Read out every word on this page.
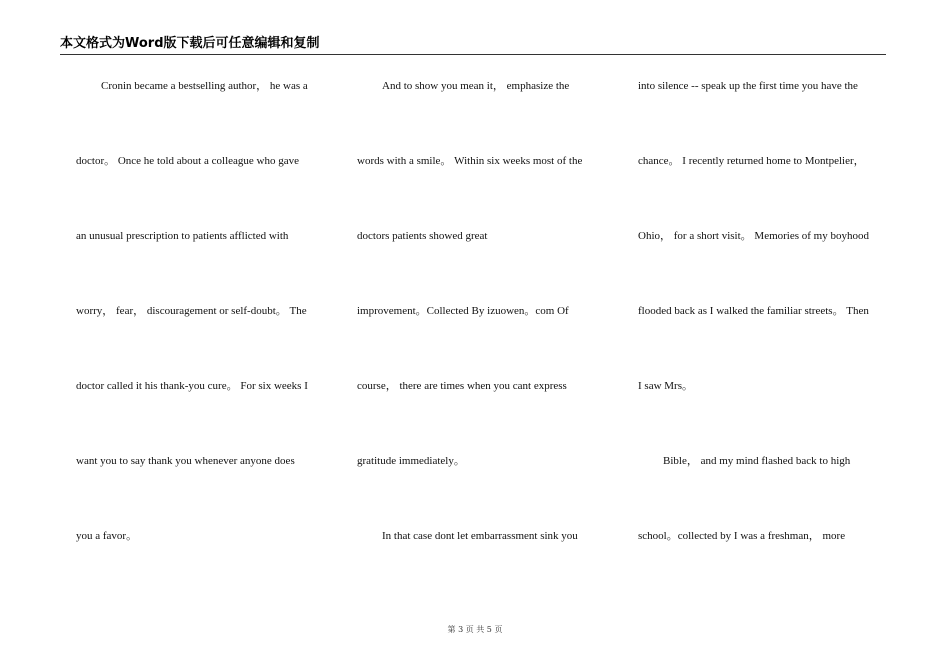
本文格式为Word版下载后可任意编辑和复制
Cronin became a bestselling author， he was a
doctor。 Once he told about a colleague who gave
an unusual prescription to patients afflicted with
worry， fear， discouragement or self-doubt。 The
doctor called it his thank-you cure。 For six weeks I
want you to say thank you whenever anyone does
you a favor。
And to show you mean it， emphasize the
words with a smile。 Within six weeks most of the
doctors patients showed great
improvement。Collected By izuowen。com Of
course， there are times when you cant express
gratitude immediately。
In that case dont let embarrassment sink you
into silence -- speak up the first time you have the
chance。 I recently returned home to Montpelier，
Ohio， for a short visit。 Memories of my boyhood
flooded back as I walked the familiar streets。 Then
I saw Mrs。
Bible， and my mind flashed back to high
school。collected by I was a freshman， more
第 3 页 共 5 页
